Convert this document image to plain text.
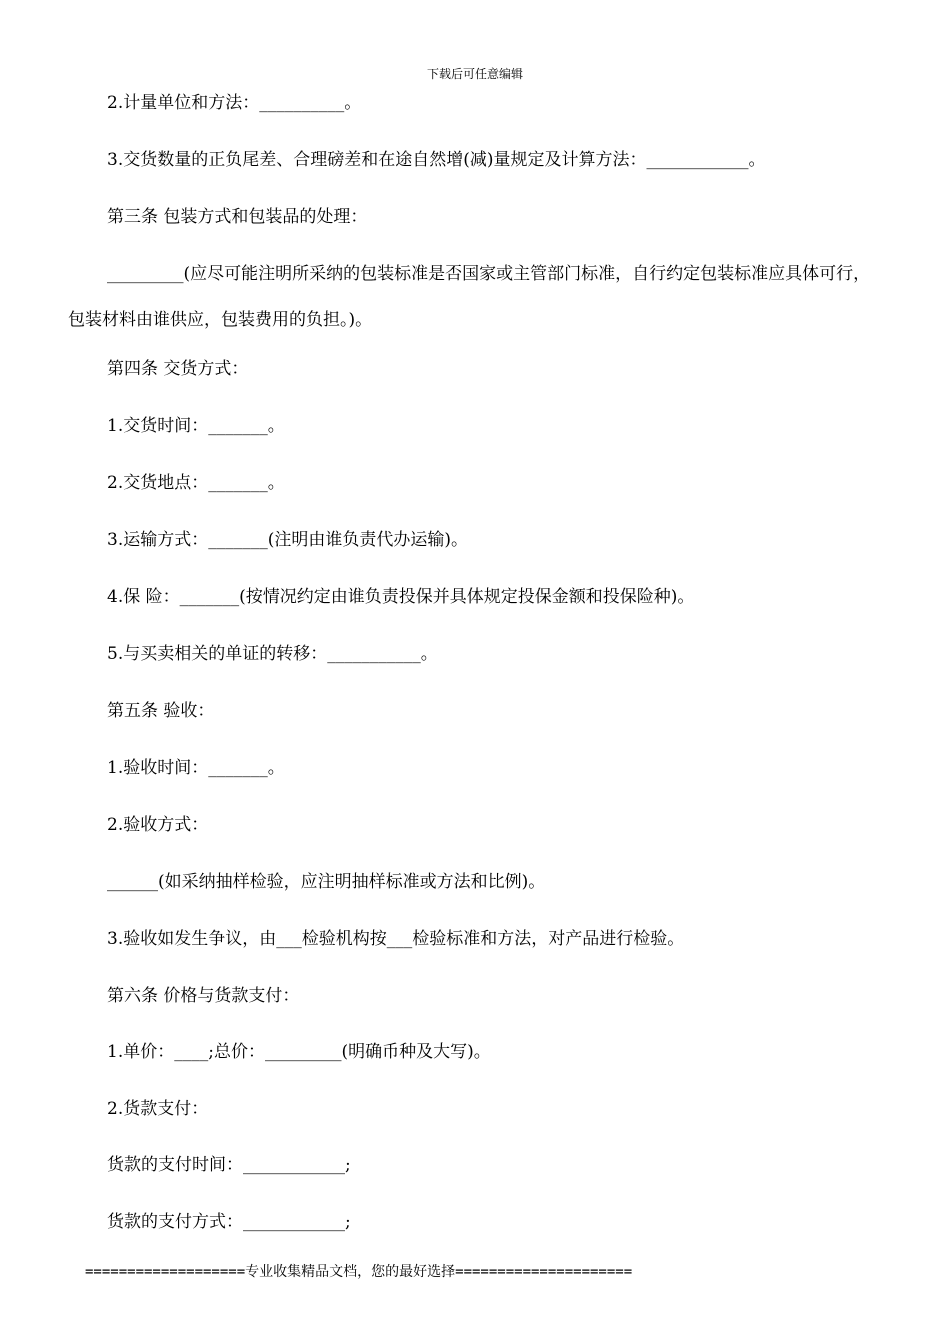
下载后可任意编辑
2.计量单位和方法：__________。
3.交货数量的正负尾差、合理磅差和在途自然增(减)量规定及计算方法：____________。
第三条 包装方式和包装品的处理：
_________(应尽可能注明所采纳的包装标准是否国家或主管部门标准，自行约定包装标准应具体可行，包装材料由谁供应，包装费用的负担。)。
第四条 交货方式：
1.交货时间：_______。
2.交货地点：_______。
3.运输方式：_______(注明由谁负责代办运输)。
4.保 险：_______(按情况约定由谁负责投保并具体规定投保金额和投保险种)。
5.与买卖相关的单证的转移：___________。
第五条 验收：
1.验收时间：_______。
2.验收方式：
______(如采纳抽样检验，应注明抽样标准或方法和比例)。
3.验收如发生争议，由___检验机构按___检验标准和方法，对产品进行检验。
第六条 价格与货款支付：
1.单价：____;总价：_________(明确币种及大写)。
2.货款支付：
货款的支付时间：____________;
货款的支付方式：____________;
===================专业收集精品文档，您的最好选择=====================
